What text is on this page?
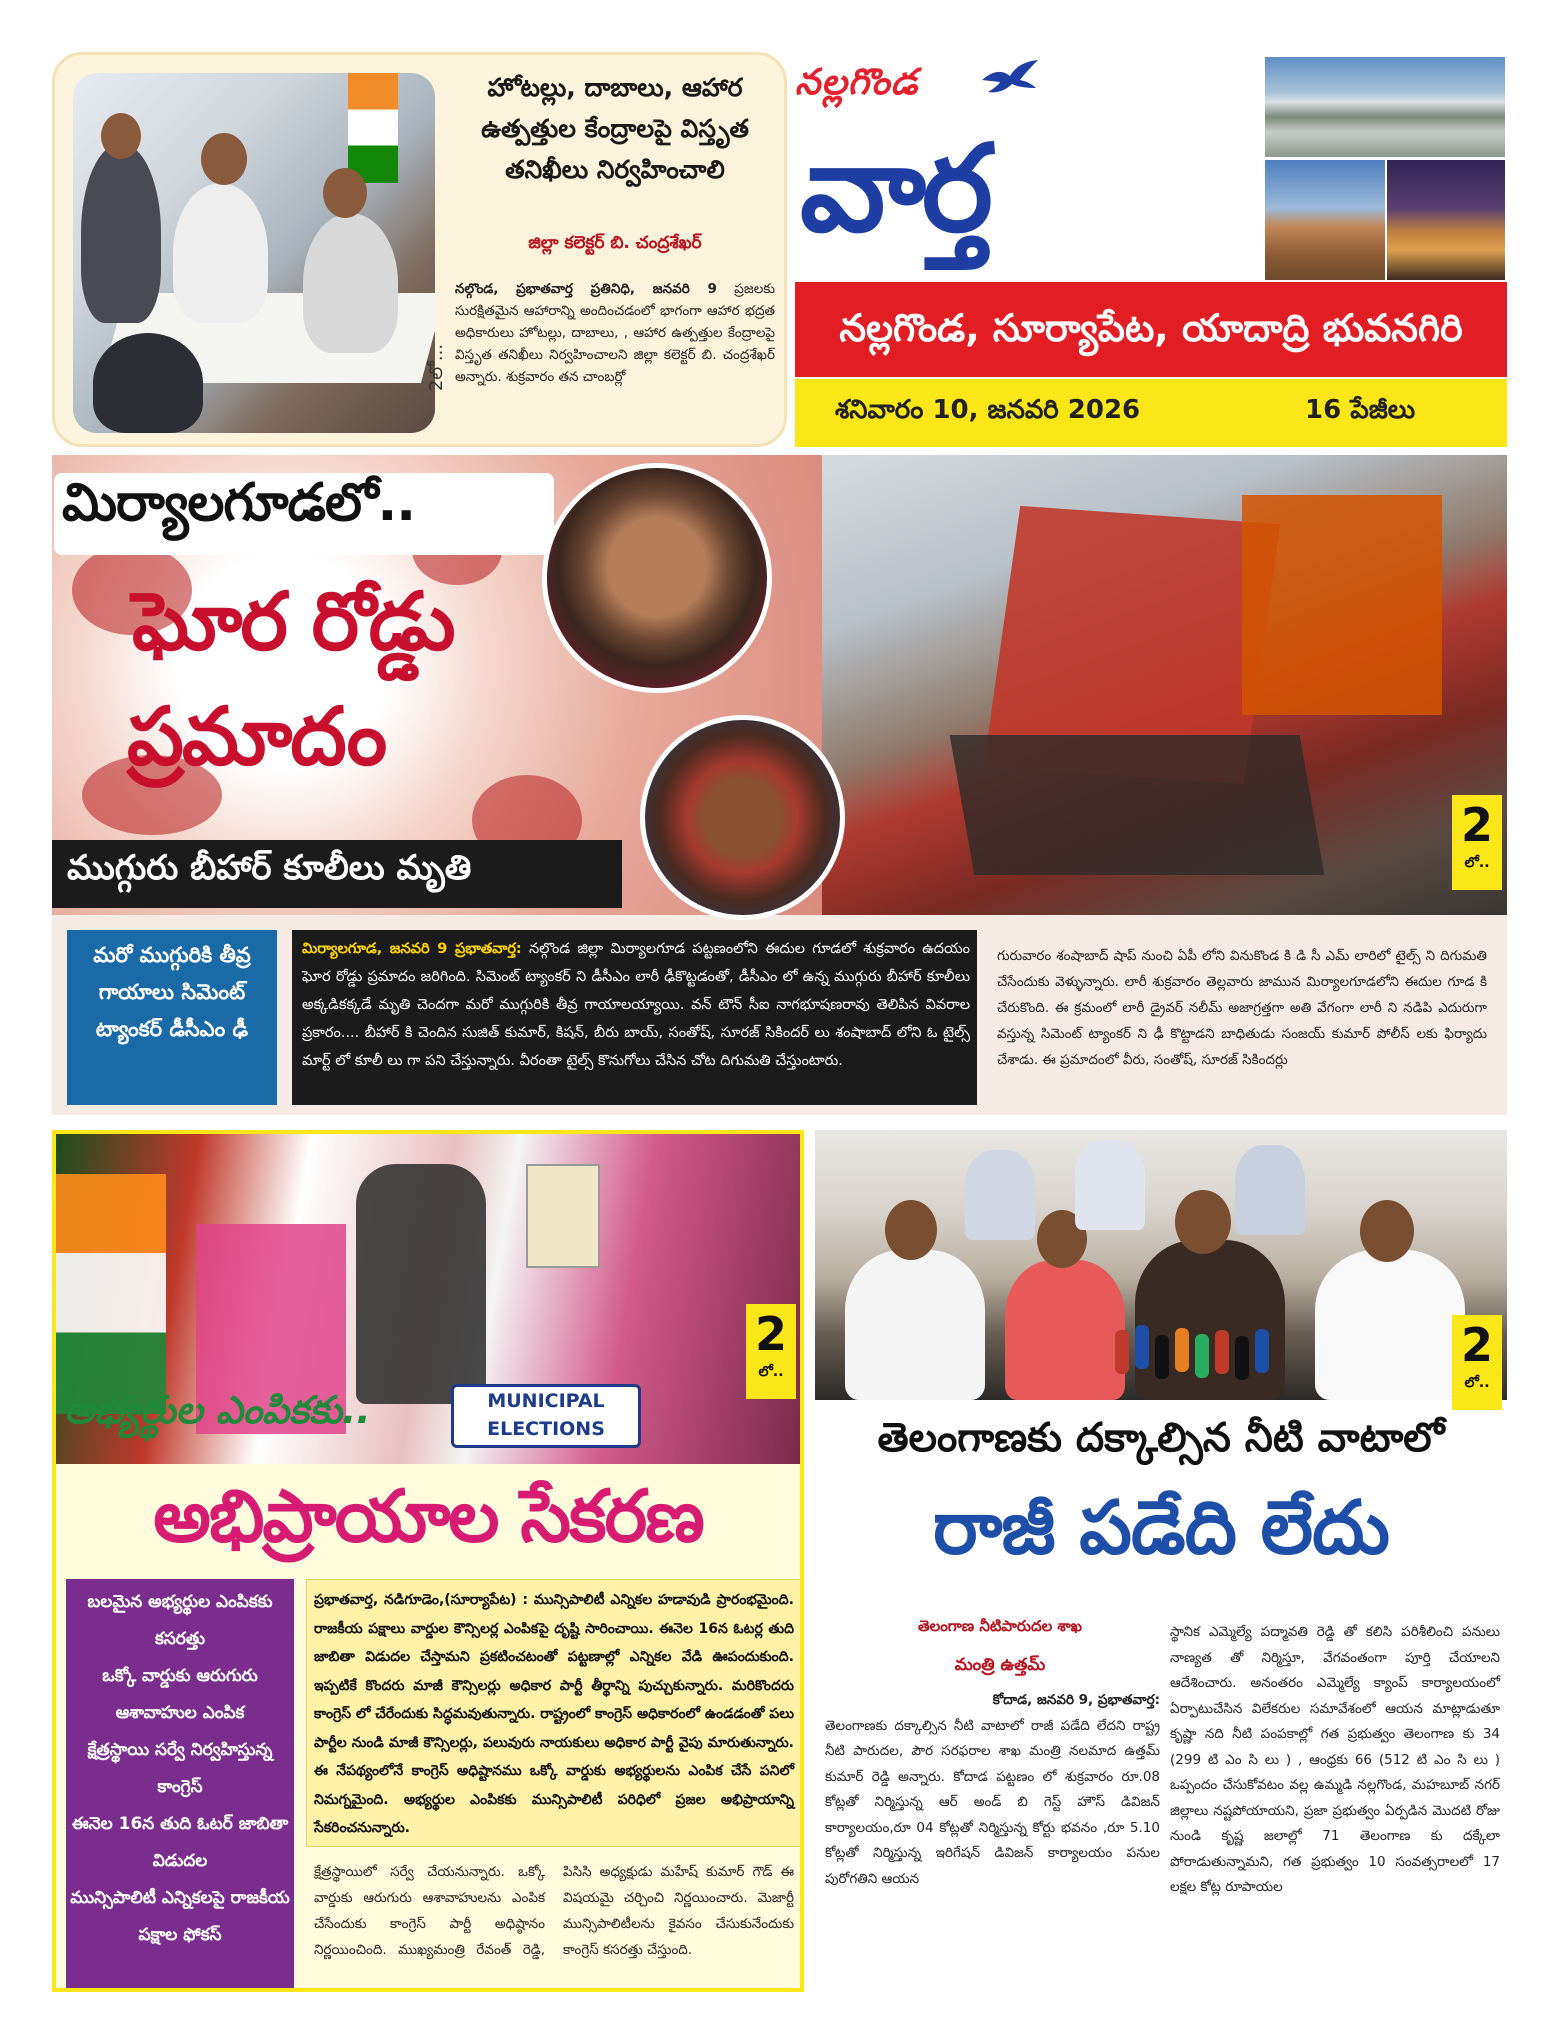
2లో...
హోటల్లు, దాబాలు, ఆహార ఉత్పత్తుల కేంద్రాలపై విస్తృత తనిఖీలు నిర్వహించాలి
జిల్లా కలెక్టర్ బి. చంద్రశేఖర్
నల్గొండ, ప్రభాతవార్త ప్రతినిధి, జనవరి 9 ప్రజలకు సురక్షితమైన ఆహారాన్ని అందించడంలో భాగంగా ఆహార భద్రత అధికారులు హోటల్లు, దాబాలు, , ఆహార ఉత్పత్తుల కేంద్రాలపై విస్తృత తనిఖీలు నిర్వహించాలని జిల్లా కలెక్టర్ బి. చంద్రశేఖర్ అన్నారు. శుక్రవారం తన చాంబర్లో
నల్లగొండ
వార్త
నల్లగొండ, సూర్యాపేట, యాదాద్రి భువనగిరి
శనివారం 10, జనవరి 2026	16 పేజీలు
మిర్యాలగూడలో..
ఘోర రోడ్డు
ప్రమాదం
ముగ్గురు బీహార్ కూలీలు మృతి
2
లో..
మరో ముగ్గురికి తీవ్ర గాయాలు సిమెంట్ ట్యాంకర్ డీసీఎం ఢీ
మిర్యాలగూడ, జనవరి 9 ప్రభాతవార్త: నల్గొండ జిల్లా మిర్యాలగూడ పట్టణంలోని ఈదుల గూడలో శుక్రవారం ఉదయం ఘోర రోడ్డు ప్రమాదం జరిగింది. సిమెంట్ ట్యాంకర్ ని డీసీఎం లారీ ఢీకొట్టడంతో, డీసీఎం లో ఉన్న ముగ్గురు బీహార్ కూలీలు అక్కడికక్కడే మృతి చెందగా మరో ముగ్గురికి తీవ్ర గాయాలయ్యాయి. వన్ టౌన్ సీఐ నాగభూషణరావు తెలిపిన వివరాల ప్రకారం.... బీహార్ కి చెందిన సుజిత్ కుమార్, కిషన్, బీరు బాయ్, సంతోష్, సూరజ్ సికిందర్ లు శంషాబాద్ లోని ఓ టైల్స్ మార్ట్ లో కూలీ లు గా పని చేస్తున్నారు. వీరంతా టైల్స్ కొనుగోలు చేసిన చోట దిగుమతి చేస్తుంటారు.
గురువారం శంషాబాద్ షాప్ నుంచి ఏపీ లోని వినుకొండ కి డి సీ ఎమ్ లారిలో టైల్స్ ని దిగుమతి చేసేందుకు వెళ్ళున్నారు. లారీ శుక్రవారం తెల్లవారు జామున మిర్యాలగూడలోని ఈదుల గూడ కి చేరుకొంది. ఈ క్రమంలో లారీ డ్రైవర్ నలీమ్ అజాగ్రత్తగా అతి వేగంగా లారీ ని నడిపి ఎదురుగా వస్తున్న సిమెంట్ ట్యాంకర్ ని ఢీ కొట్టాడని బాధితుడు సంజయ్ కుమార్ పోలీస్ లకు ఫిర్యాదు చేశాడు. ఈ ప్రమాదంలో వీరు, సంతోష్, సూరజ్ సికిందర్లు
2
లో..
అభ్యర్థుల ఎంపికకు..	MUNICIPAL
ELECTIONS
అభిప్రాయాల సేకరణ
బలమైన అభ్యర్థుల ఎంపికకు కసరత్తు
ఒక్కో వార్డుకు ఆరుగురు ఆశావాహుల ఎంపిక
క్షేత్రస్థాయి సర్వే నిర్వహిస్తున్న కాంగ్రెస్
ఈనెల 16న తుది ఓటర్ జాబితా విడుదల
మున్సిపాలిటీ ఎన్నికలపై రాజకీయ పక్షాల ఫోకస్
ప్రభాతవార్త, నడిగూడెం,(సూర్యాపేట) : మున్సిపాలిటీ ఎన్నికల హడావుడి ప్రారంభమైంది. రాజకీయ పక్షాలు వార్డుల కౌన్సిలర్ల ఎంపికపై దృష్టి సారించాయి. ఈనెల 16న ఓటర్ల తుది జాబితా విడుదల చేస్తామని ప్రకటించటంతో పట్టణాల్లో ఎన్నికల వేడి ఊపందుకుంది. ఇప్పటికే కొందరు మాజీ కౌన్సిలర్లు అధికార పార్టీ తీర్థాన్ని పుచ్చుకున్నారు. మరికొందరు కాంగ్రెస్ లో చేరేందుకు సిద్ధమవుతున్నారు. రాష్ట్రంలో కాంగ్రెస్ అధికారంలో ఉండడంతో పలు పార్టీల నుండి మాజీ కౌన్సిలర్లు, పలువురు నాయకులు అధికార పార్టీ వైపు మారుతున్నారు. ఈ నేపథ్యంలోనే కాంగ్రెస్ అధిష్టానము ఒక్కో వార్డుకు అభ్యర్థులను ఎంపిక చేసే పనిలో నిమగ్నమైంది. అభ్యర్థుల ఎంపికకు మున్సిపాలిటీ పరిధిలో ప్రజల అభిప్రాయాన్ని సేకరించనున్నారు.
క్షేత్రస్థాయిలో సర్వే చేయనున్నారు. ఒక్కో వార్డుకు ఆరుగురు ఆశావాహులను ఎంపిక చేసేందుకు కాంగ్రెస్ పార్టీ అధిష్ఠానం నిర్ణయించింది. ముఖ్యమంత్రి రేవంత్ రెడ్డి, పిసిసి అధ్యక్షుడు మహేష్ కుమార్ గౌడ్ ఈ విషయమై చర్చించి నిర్ణయించారు. మెజార్టీ మున్సిపాలిటీలను కైవసం చేసుకునేందుకు కాంగ్రెస్ కసరత్తు చేస్తుంది.
2
లో..
తెలంగాణకు దక్కాల్సిన నీటి వాటాలో
రాజీ పడేది లేదు
తెలంగాణ నీటిపారుదల శాఖ
మంత్రి ఉత్తమ్
కోదాడ, జనవరి 9, ప్రభాతవార్త:
తెలంగాణకు దక్కాల్సిన నీటి వాటాలో రాజీ పడేది లేదని రాష్ట్ర నీటి పారుదల, పౌర సరఫరాల శాఖ మంత్రి నలమాద ఉత్తమ్ కుమార్ రెడ్డి అన్నారు. కోదాడ పట్టణం లో శుక్రవారం రూ.08 కోట్లతో నిర్మిస్తున్న ఆర్ అండ్ బి గెస్ట్ హౌస్ డివిజన్ కార్యాలయం,రూ 04 కోట్లతో నిర్మిస్తున్న కోర్టు భవనం ,రూ 5.10 కోట్లతో నిర్మిస్తున్న ఇరిగేషన్ డివిజన్ కార్యాలయం పనుల పురోగతిని ఆయన
స్థానిక ఎమ్మెల్యే పద్మావతి రెడ్డి తో కలిసి పరిశీలించి పనులు నాణ్యత తో నిర్మిస్తూ, వేగవంతంగా పూర్తి చేయాలని ఆదేశించారు. అనంతరం ఎమ్మెల్యే క్యాంప్ కార్యాలయంలో ఏర్పాటుచేసిన విలేకరుల సమావేశంలో ఆయన మాట్లాడుతూ కృష్ణా నది నీటి పంపకాల్లో గత ప్రభుత్వం తెలంగాణ కు 34 (299 టి ఎం సి లు ) , ఆంధ్రకు 66 (512 టి ఎం సి లు ) ఒప్పందం చేసుకోవటం వల్ల ఉమ్మడి నల్లగొండ, మహబూబ్ నగర్ జిల్లాలు నష్టపోయాయని, ప్రజా ప్రభుత్వం ఏర్పడిన మొదటి రోజు నుండి కృష్ణ జలాల్లో 71 తెలంగాణ కు దక్కేలా పోరాడుతున్నామని, గత ప్రభుత్వం 10 సంవత్సరాలలో 17 లక్షల కోట్ల రూపాయల
